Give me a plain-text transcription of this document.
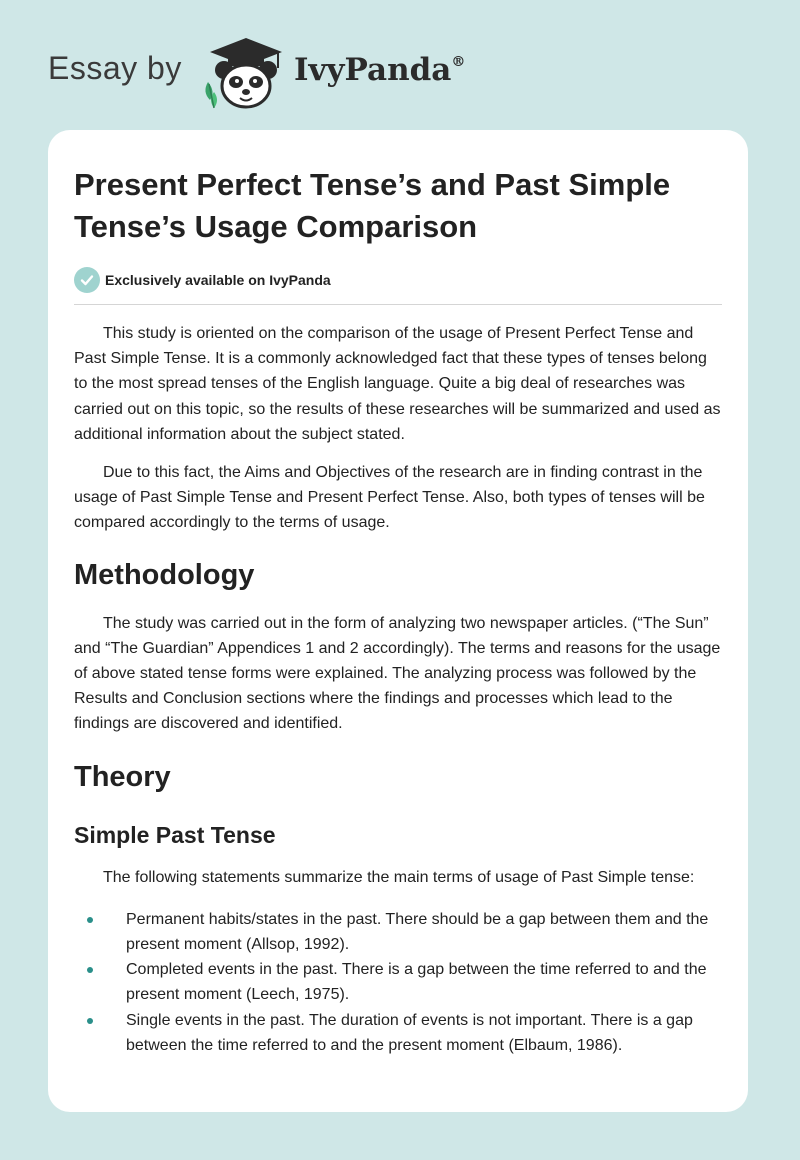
Essay by	IvyPanda®
Present Perfect Tense’s and Past Simple Tense’s Usage Comparison
Exclusively available on IvyPanda

This study is oriented on the comparison of the usage of Present Perfect Tense and Past Simple Tense. It is a commonly acknowledged fact that these types of tenses belong to the most spread tenses of the English language. Quite a big deal of researches was carried out on this topic, so the results of these researches will be summarized and used as additional information about the subject stated.

Due to this fact, the Aims and Objectives of the research are in finding contrast in the usage of Past Simple Tense and Present Perfect Tense. Also, both types of tenses will be compared accordingly to the terms of usage.

Methodology

The study was carried out in the form of analyzing two newspaper articles. (“The Sun” and “The Guardian” Appendices 1 and 2 accordingly). The terms and reasons for the usage of above stated tense forms were explained. The analyzing process was followed by the Results and Conclusion sections where the findings and processes which lead to the findings are discovered and identified.

Theory
Simple Past Tense

The following statements summarize the main terms of usage of Past Simple tense:

Permanent habits/states in the past. There should be a gap between them and the present moment (Allsop, 1992).
Completed events in the past. There is a gap between the time referred to and the present moment (Leech, 1975).
Single events in the past. The duration of events is not important. There is a gap between the time referred to and the present moment (Elbaum, 1986).
